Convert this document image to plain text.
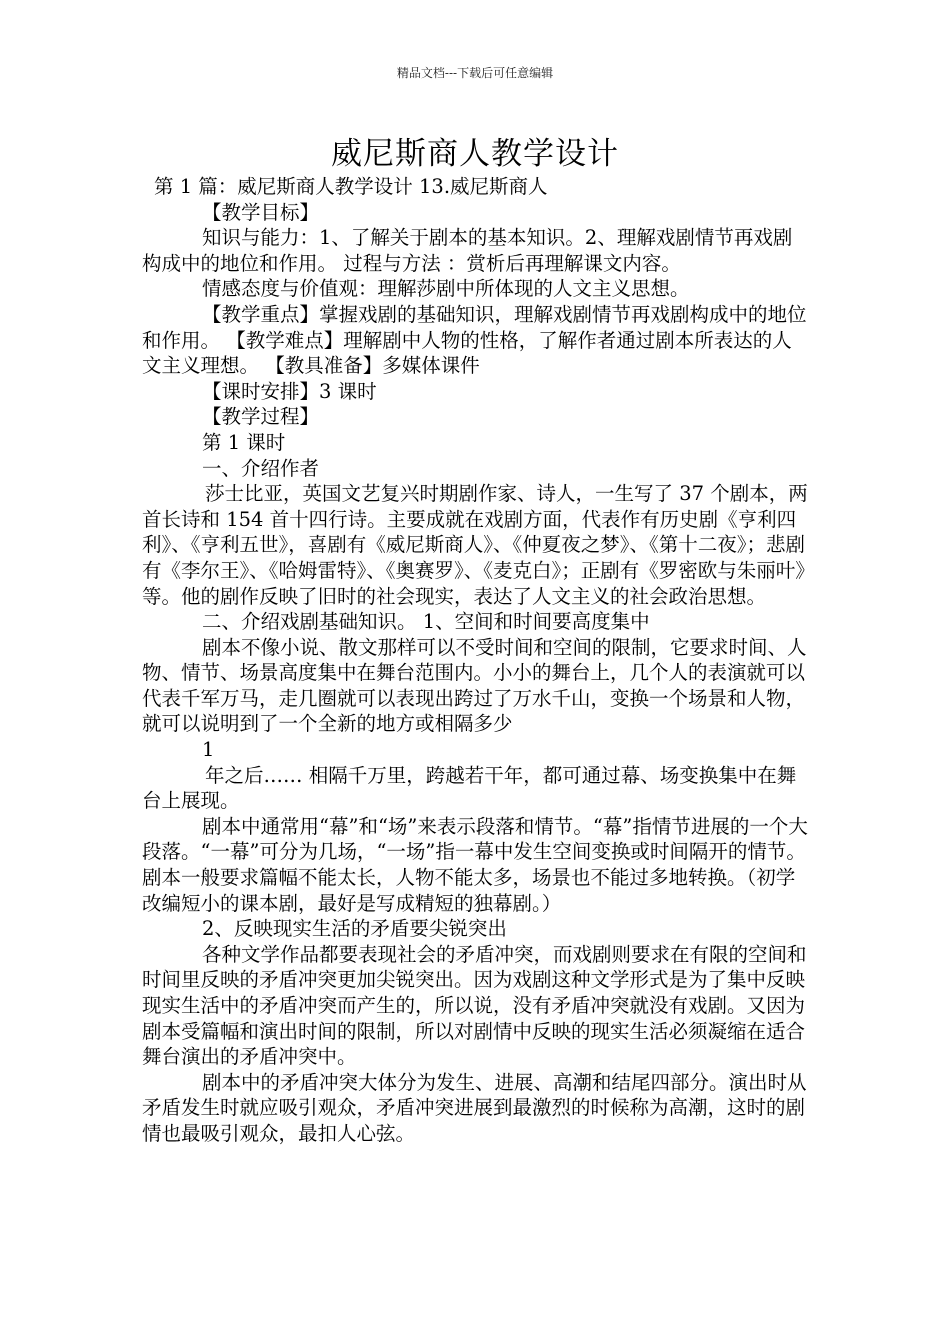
精品文档---下载后可任意编辑
威尼斯商人教学设计

第 1 篇：威尼斯商人教学设计 13.威尼斯商人

【教学目标】

知识与能力：1、了解关于剧本的基本知识。2、理解戏剧情节再戏剧构成中的地位和作用。 过程与方法 ：赏析后再理解课文内容。

情感态度与价值观：理解莎剧中所体现的人文主义思想。

【教学重点】掌握戏剧的基础知识，理解戏剧情节再戏剧构成中的地位和作用。 【教学难点】理解剧中人物的性格，了解作者通过剧本所表达的人文主义理想。 【教具准备】多媒体课件

【课时安排】3 课时

【教学过程】

第 1 课时

一、介绍作者

莎士比亚，英国文艺复兴时期剧作家、诗人，一生写了 37 个剧本，两首长诗和 154 首十四行诗。主要成就在戏剧方面，代表作有历史剧《亨利四利》、《亨利五世》，喜剧有《威尼斯商人》、《仲夏夜之梦》、《第十二夜》；悲剧有《李尔王》、《哈姆雷特》、《奥赛罗》、《麦克白》；正剧有《罗密欧与朱丽叶》等。他的剧作反映了旧时的社会现实，表达了人文主义的社会政治思想。

二、介绍戏剧基础知识。 1、空间和时间要高度集中

剧本不像小说、散文那样可以不受时间和空间的限制，它要求时间、人物、情节、场景高度集中在舞台范围内。小小的舞台上，几个人的表演就可以代表千军万马，走几圈就可以表现出跨过了万水千山，变换一个场景和人物，就可以说明到了一个全新的地方或相隔多少

1

年之后…… 相隔千万里，跨越若干年，都可通过幕、场变换集中在舞台上展现。

剧本中通常用“幕”和“场”来表示段落和情节。“幕”指情节进展的一个大段落。“一幕”可分为几场，“一场”指一幕中发生空间变换或时间隔开的情节。剧本一般要求篇幅不能太长，人物不能太多，场景也不能过多地转换。（初学改编短小的课本剧，最好是写成精短的独幕剧。）

2、反映现实生活的矛盾要尖锐突出

各种文学作品都要表现社会的矛盾冲突，而戏剧则要求在有限的空间和时间里反映的矛盾冲突更加尖锐突出。因为戏剧这种文学形式是为了集中反映现实生活中的矛盾冲突而产生的，所以说，没有矛盾冲突就没有戏剧。又因为剧本受篇幅和演出时间的限制，所以对剧情中反映的现实生活必须凝缩在适合舞台演出的矛盾冲突中。

剧本中的矛盾冲突大体分为发生、进展、高潮和结尾四部分。演出时从矛盾发生时就应吸引观众，矛盾冲突进展到最激烈的时候称为高潮，这时的剧情也最吸引观众，最扣人心弦。
